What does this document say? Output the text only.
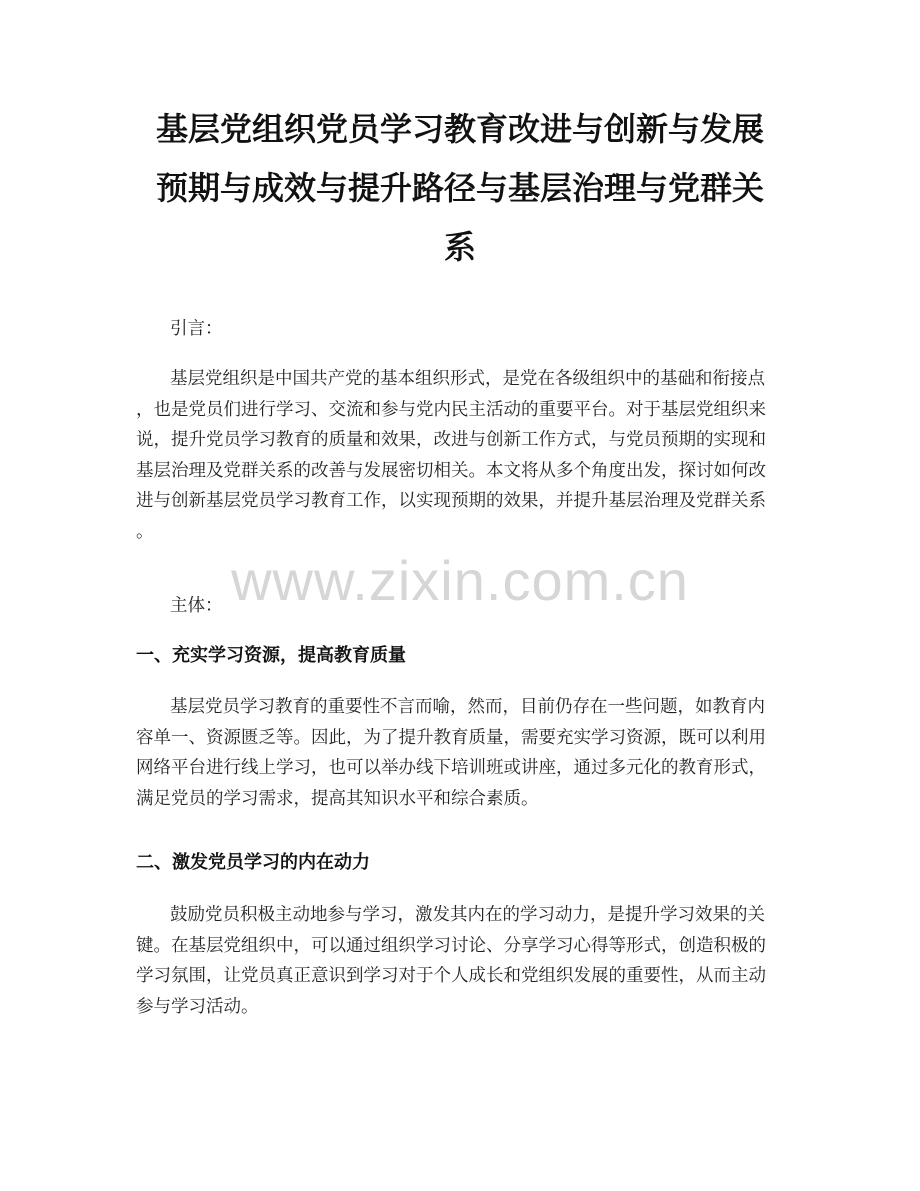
基层党组织党员学习教育改进与创新与发展
预期与成效与提升路径与基层治理与党群关
系
引言：
基层党组织是中国共产党的基本组织形式，是党在各级组织中的基础和衔接点
，也是党员们进行学习、交流和参与党内民主活动的重要平台。对于基层党组织来
说，提升党员学习教育的质量和效果，改进与创新工作方式，与党员预期的实现和
基层治理及党群关系的改善与发展密切相关。本文将从多个角度出发，探讨如何改
进与创新基层党员学习教育工作，以实现预期的效果，并提升基层治理及党群关系
。
www.zixin.com.cn
主体：
一、充实学习资源，提高教育质量
基层党员学习教育的重要性不言而喻，然而，目前仍存在一些问题，如教育内
容单一、资源匮乏等。因此，为了提升教育质量，需要充实学习资源，既可以利用
网络平台进行线上学习，也可以举办线下培训班或讲座，通过多元化的教育形式，
满足党员的学习需求，提高其知识水平和综合素质。
二、激发党员学习的内在动力
鼓励党员积极主动地参与学习，激发其内在的学习动力，是提升学习效果的关
键。在基层党组织中，可以通过组织学习讨论、分享学习心得等形式，创造积极的
学习氛围，让党员真正意识到学习对于个人成长和党组织发展的重要性，从而主动
参与学习活动。
